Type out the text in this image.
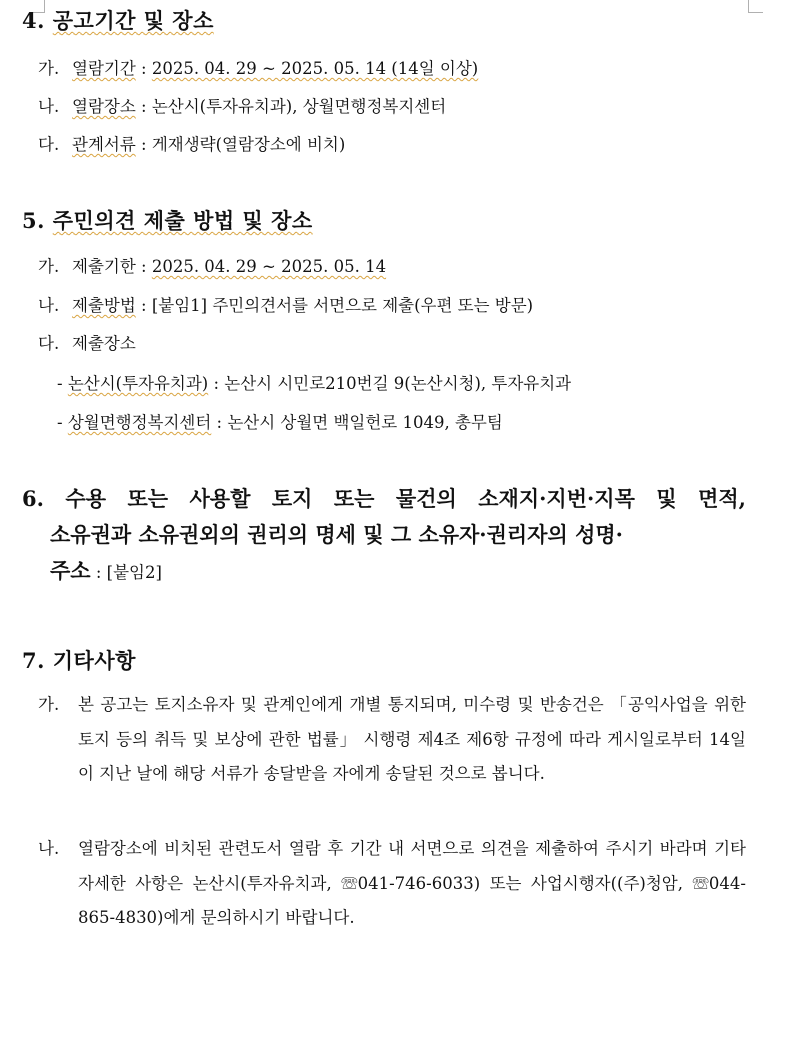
4. 공고기간 및 장소
가. 열람기간 : 2025. 04. 29 ~ 2025. 05. 14 (14일 이상)
나. 열람장소 : 논산시(투자유치과), 상월면행정복지센터
다. 관계서류 : 게재생략(열람장소에 비치)
5. 주민의견 제출 방법 및 장소
가. 제출기한 : 2025. 04. 29 ~ 2025. 05. 14
나. 제출방법 : [붙임1] 주민의견서를 서면으로 제출(우편 또는 방문)
다. 제출장소
- 논산시(투자유치과) : 논산시 시민로210번길 9(논산시청), 투자유치과
- 상월면행정복지센터 : 논산시 상월면 백일헌로 1049, 총무팀
6. 수용 또는 사용할 토지 또는 물건의 소재지·지번·지목 및 면적,
소유권과 소유권외의 권리의 명세 및 그 소유자·권리자의 성명·
주소 : [붙임2]
7. 기타사항
가. 본 공고는 토지소유자 및 관계인에게 개별 통지되며, 미수령 및 반송건은 「공익사업을 위한 토지 등의 취득 및 보상에 관한 법률」 시행령 제4조 제6항 규정에 따라 게시일로부터 14일이 지난 날에 해당 서류가 송달받을 자에게 송달된 것으로 봅니다.
나. 열람장소에 비치된 관련도서 열람 후 기간 내 서면으로 의견을 제출하여 주시기 바라며 기타 자세한 사항은 논산시(투자유치과, ☏041-746-6033) 또는 사업시행자((주)청암, ☏044-865-4830)에게 문의하시기 바랍니다.
